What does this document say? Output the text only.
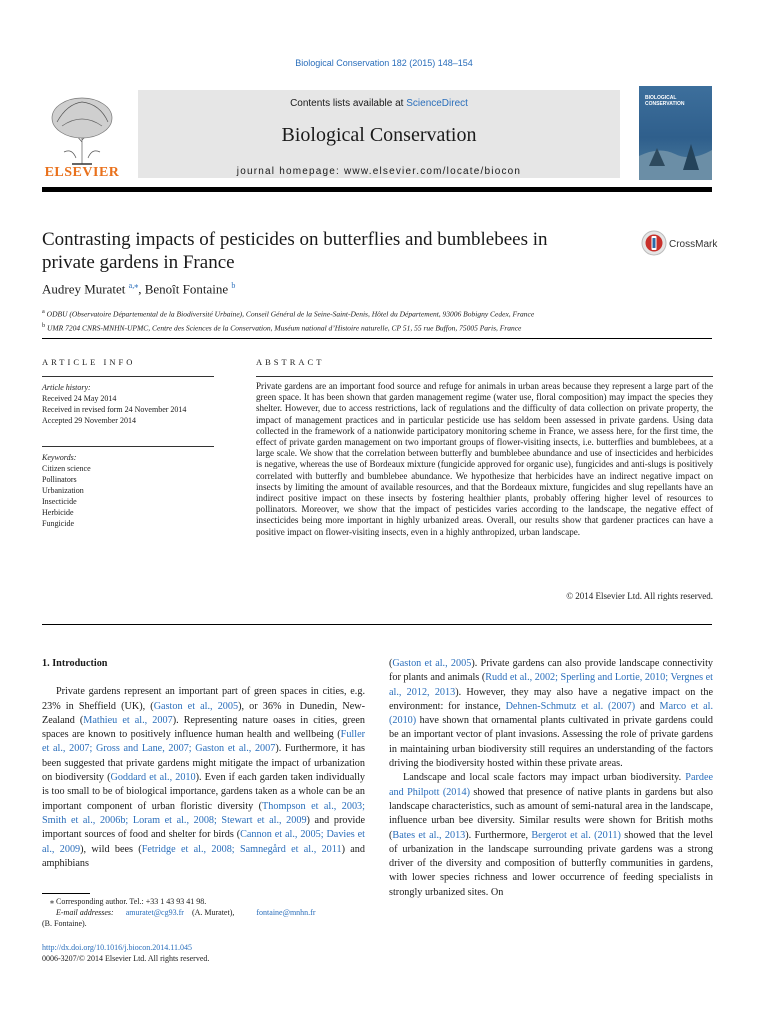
Biological Conservation 182 (2015) 148–154
ELSEVIER
Contents lists available at ScienceDirect
Biological Conservation
journal homepage: www.elsevier.com/locate/biocon
BIOLOGICAL
CONSERVATION
Contrasting impacts of pesticides on butterflies and bumblebees in private gardens in France
CrossMark
Audrey Muratet $^{a,⁎}$, Benoît Fontaine $^b$
$^a$ ODBU (Observatoire Départemental de la Biodiversité Urbaine), Conseil Général de la Seine-Saint-Denis, Hôtel du Département, 93006 Bobigny Cedex, France
$^b$ UMR 7204 CNRS-MNHN-UPMC, Centre des Sciences de la Conservation, Muséum national d’Histoire naturelle, CP 51, 55 rue Buffon, 75005 Paris, France
ARTICLE INFO	ABSTRACT
Article history:
Received 24 May 2014
Received in revised form 24 November 2014
Accepted 29 November 2014
Keywords:
Citizen science
Pollinators
Urbanization
Insecticide
Herbicide
Fungicide
Private gardens are an important food source and refuge for animals in urban areas because they represent a large part of the green space. It has been shown that garden management regime (water use, floral composition) may impact the species they shelter. However, due to access restrictions, lack of regulations and the difficulty of data collection on private property, the impact of management practices and in particular pesticide use has seldom been assessed in private gardens. Using data collected in the framework of a nationwide participatory monitoring scheme in France, we assess here, for the first time, the effect of private garden management on two important groups of flower-visiting insects, i.e. butterflies and bumblebees, at a large scale. We show that the correlation between butterfly and bumblebee abundance and use of insecticides and herbicides is negative, whereas the use of Bordeaux mixture (fungicide approved for organic use), fungicides and anti-slugs is positively correlated with butterfly and bumblebee abundance. We hypothesize that herbicides have an indirect negative impact on insects by limiting the amount of available resources, and that the Bordeaux mixture, fungicides and slug repellants have an indirect positive impact on these insects by fostering healthier plants, probably offering higher level of resources to pollinators. Moreover, we show that the impact of pesticides varies according to the landscape, the negative effect of insecticides being more important in highly urbanized areas. Overall, our results show that gardener practices can have a positive impact on flower-visiting insects, even in a highly anthropized, urban landscape.
© 2014 Elsevier Ltd. All rights reserved.

1. Introduction

Private gardens represent an important part of green spaces in cities, e.g. 23% in Sheffield (UK), (Gaston et al., 2005), or 36% in Dunedin, New-Zealand (Mathieu et al., 2007). Representing nature oases in cities, green spaces are known to positively influence human health and wellbeing (Fuller et al., 2007; Gross and Lane, 2007; Gaston et al., 2007). Furthermore, it has been suggested that private gardens might mitigate the impact of urbanization on biodiversity (Goddard et al., 2010). Even if each garden taken individually is too small to be of biological importance, gardens taken as a whole can be an important component of urban floristic diversity (Thompson et al., 2003; Smith et al., 2006b; Loram et al., 2008; Stewart et al., 2009) and provide important sources of food and shelter for birds (Cannon et al., 2005; Davies et al., 2009), wild bees (Fetridge et al., 2008; Samnegård et al., 2011) and amphibians

(Gaston et al., 2005). Private gardens can also provide landscape connectivity for plants and animals (Rudd et al., 2002; Sperling and Lortie, 2010; Vergnes et al., 2012, 2013). However, they may also have a negative impact on the environment: for instance, Dehnen-Schmutz et al. (2007) and Marco et al. (2010) have shown that ornamental plants cultivated in private gardens could be an important vector of plant invasions. Assessing the role of private gardens in maintaining urban biodiversity still requires an understanding of the factors driving the biodiversity hosted within these private areas.

Landscape and local scale factors may impact urban biodiversity. Pardee and Philpott (2014) showed that presence of native plants in gardens but also landscape characteristics, such as amount of semi-natural area in the landscape, influence urban bee diversity. Similar results were shown for British moths (Bates et al., 2013). Furthermore, Bergerot et al. (2011) showed that the level of urbanization in the landscape surrounding private gardens was a strong driver of the diversity and composition of butterfly communities in gardens, with lower species richness and lower occurrence of feeding specialists in strongly urbanized sites. On

⁎ Corresponding author. Tel.: +33 1 43 93 41 98.
E-mail addresses: amuratet@cg93.fr (A. Muratet),	fontaine@mnhn.fr
(B. Fontaine).
http://dx.doi.org/10.1016/j.biocon.2014.11.045
0006-3207/© 2014 Elsevier Ltd. All rights reserved.
